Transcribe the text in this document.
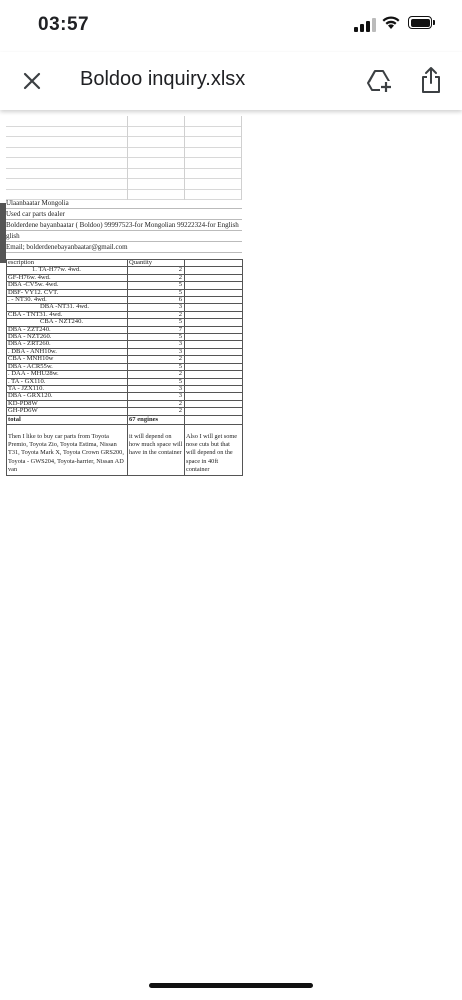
03:57
Boldoo inquiry.xlsx
Ulaanbaatar Mongolia
Used car parts dealer
Bolderdene bayanbaatar ( Boldoo) 99997523-for Mongolian 99222324-for English
glish
Email; bolderdenebayanbaatar@gmail.com
escription	Quantity	
1. TA-H77w. 4wd.	2	
GF-H76w. 4wd.	2	
DBA -CV5w. 4wd.	5	
DBF- VY12. CVT.	5	
. - NT30. 4wd.	6	
DBA -NT31. 4wd.	3	
CBA - TNT31. 4wd.	2	
CBA - NZT240.	5	
DBA - ZZT240.	7	
DBA - NZT260.	5	
DBA - ZRT260.	3	
. DBA - ANH10w.	3	
CBA - MNH10w	2	
DBA - ACR55w.	5	
. DAA - MHU28w.	2	
. TA - GX110.	5	
TA - JZX110.	3	
DBA - GRX120.	3	
KD-PD8W	2	
GH-PD6W	2	
total	67 engines	
Then I like to buy car parts from Toyota Premio, Toyota Zio, Toyota Estima, Nissan T31, Toyota Mark X, Toyota Crown GRS200, Toyota - GWS204, Toyota-harrier, Nissan AD van	it will depend on how much space will have in the container	Also I will get some nose cuts but that will depend on the space in 40ft container
